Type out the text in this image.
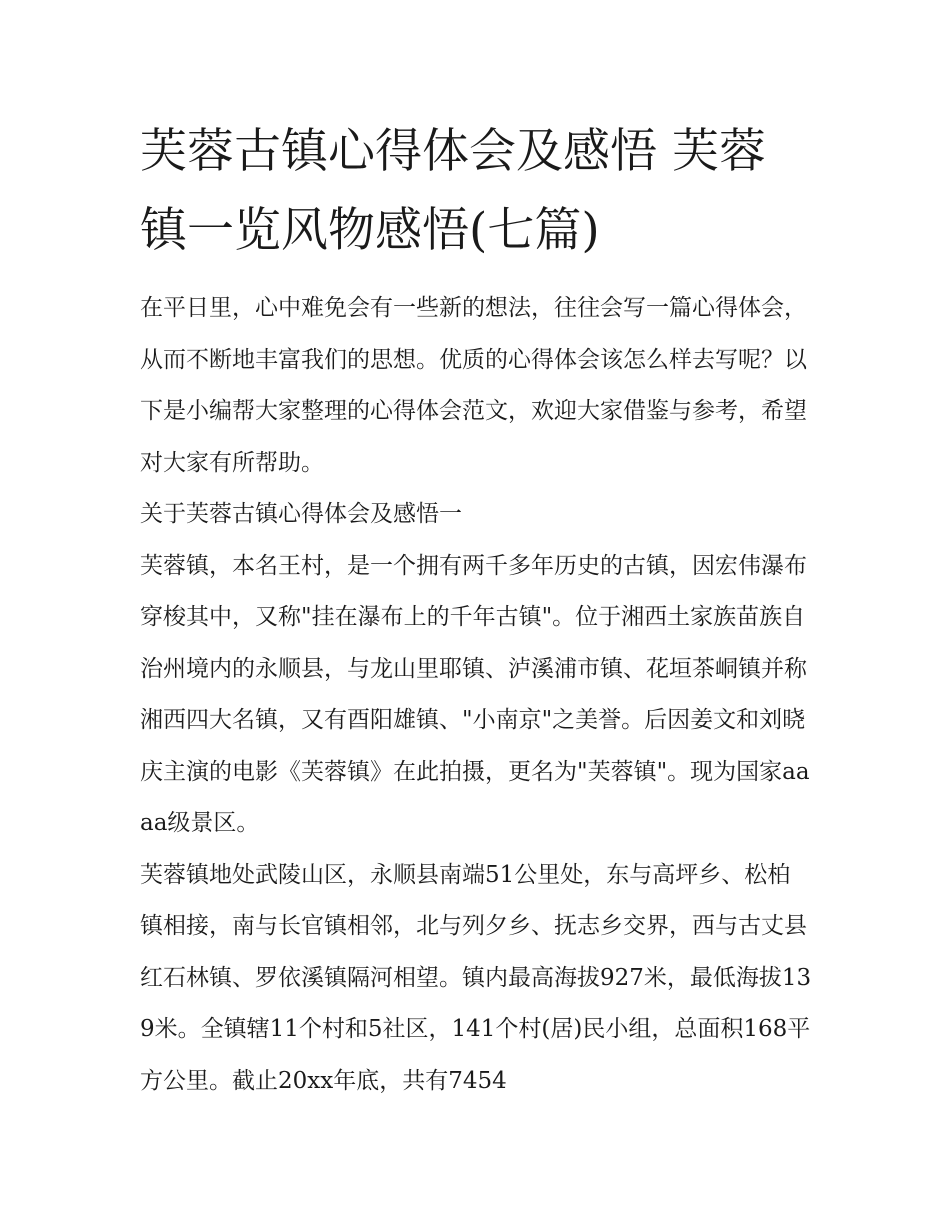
芙蓉古镇心得体会及感悟 芙蓉镇一览风物感悟(七篇)

在平日里，心中难免会有一些新的想法，往往会写一篇心得体会，从而不断地丰富我们的思想。优质的心得体会该怎么样去写呢？以下是小编帮大家整理的心得体会范文，欢迎大家借鉴与参考，希望对大家有所帮助。

关于芙蓉古镇心得体会及感悟一

芙蓉镇，本名王村，是一个拥有两千多年历史的古镇，因宏伟瀑布穿梭其中，又称"挂在瀑布上的千年古镇"。位于湘西土家族苗族自治州境内的永顺县，与龙山里耶镇、泸溪浦市镇、花垣茶峒镇并称湘西四大名镇，又有酉阳雄镇、"小南京"之美誉。后因姜文和刘晓庆主演的电影《芙蓉镇》在此拍摄，更名为"芙蓉镇"。现为国家aaaa级景区。

芙蓉镇地处武陵山区，永顺县南端51公里处，东与高坪乡、松柏镇相接，南与长官镇相邻，北与列夕乡、抚志乡交界，西与古丈县红石林镇、罗依溪镇隔河相望。镇内最高海拔927米，最低海拔139米。全镇辖11个村和5社区，141个村(居)民小组，总面积168平方公里。截止20xx年底，共有7454
